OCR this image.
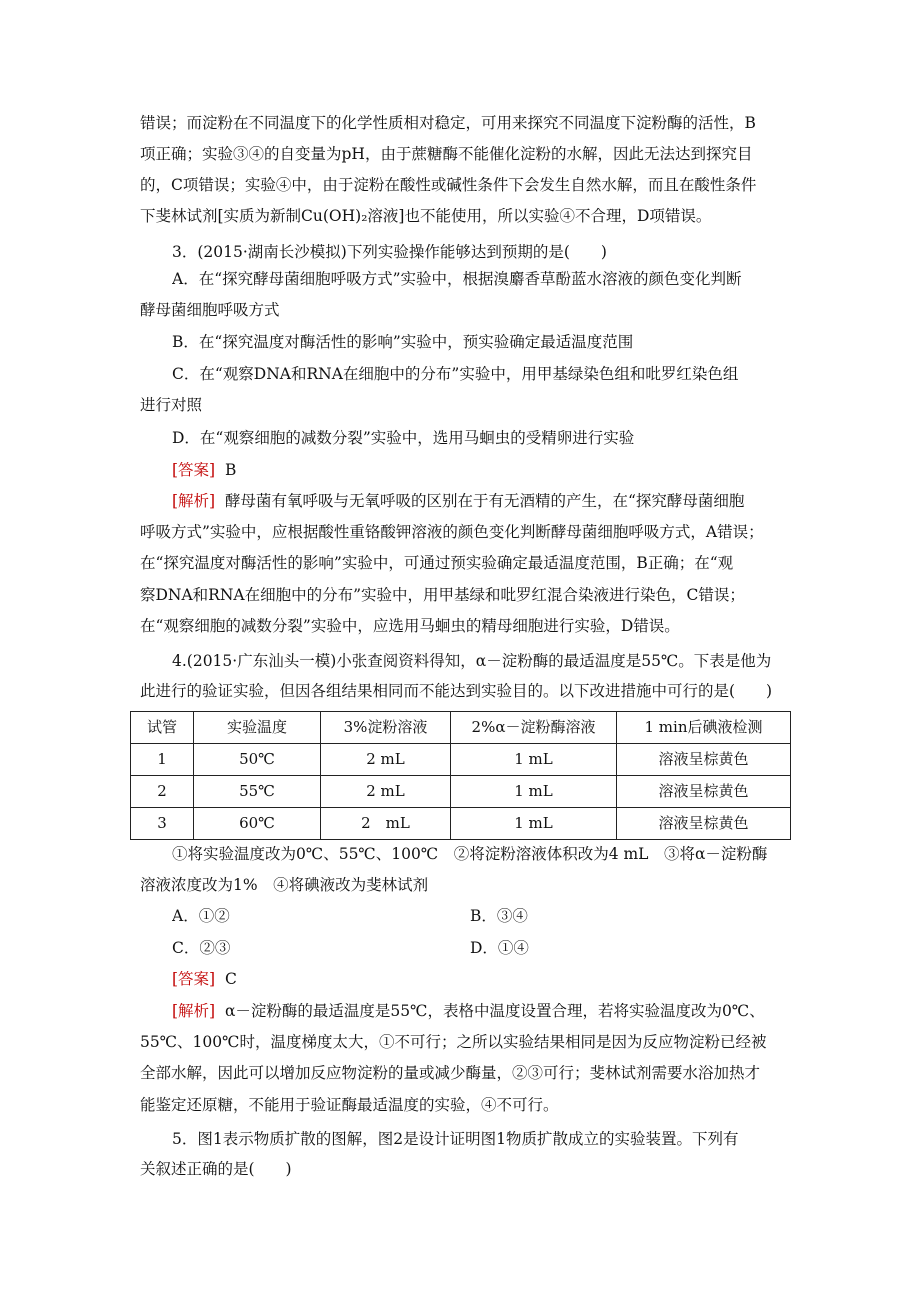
错误；而淀粉在不同温度下的化学性质相对稳定，可用来探究不同温度下淀粉酶的活性，B
项正确；实验③④的自变量为pH，由于蔗糖酶不能催化淀粉的水解，因此无法达到探究目
的，C项错误；实验④中，由于淀粉在酸性或碱性条件下会发生自然水解，而且在酸性条件
下斐林试剂[实质为新制Cu(OH)₂溶液]也不能使用，所以实验④不合理，D项错误。
3．(2015·湖南长沙模拟)下列实验操作能够达到预期的是(　　)
A．在“探究酵母菌细胞呼吸方式”实验中，根据溴麝香草酚蓝水溶液的颜色变化判断
酵母菌细胞呼吸方式
B．在“探究温度对酶活性的影响”实验中，预实验确定最适温度范围
C．在“观察DNA和RNA在细胞中的分布”实验中，用甲基绿染色组和吡罗红染色组
进行对照
D．在“观察细胞的减数分裂”实验中，选用马蛔虫的受精卵进行实验
[答案] B
[解析] 酵母菌有氧呼吸与无氧呼吸的区别在于有无酒精的产生，在“探究酵母菌细胞
呼吸方式”实验中，应根据酸性重铬酸钾溶液的颜色变化判断酵母菌细胞呼吸方式，A错误；
在“探究温度对酶活性的影响”实验中，可通过预实验确定最适温度范围，B正确；在“观
察DNA和RNA在细胞中的分布”实验中，用甲基绿和吡罗红混合染液进行染色，C错误；
在“观察细胞的减数分裂”实验中，应选用马蛔虫的精母细胞进行实验，D错误。
4.(2015·广东汕头一模)小张查阅资料得知，α－淀粉酶的最适温度是55℃。下表是他为
此进行的验证实验，但因各组结果相同而不能达到实验目的。以下改进措施中可行的是(　　)
试管	实验温度	3%淀粉溶液	2%α－淀粉酶溶液	1 min后碘液检测
1	50℃	2 mL	1 mL	溶液呈棕黄色
2	55℃	2 mL	1 mL	溶液呈棕黄色
3	60℃	2　mL	1 mL	溶液呈棕黄色
①将实验温度改为0℃、55℃、100℃　②将淀粉溶液体积改为4 mL　③将α－淀粉酶
溶液浓度改为1%　④将碘液改为斐林试剂
A．①②	B．③④
C．②③	D．①④
[答案] C
[解析] α－淀粉酶的最适温度是55℃，表格中温度设置合理，若将实验温度改为0℃、
55℃、100℃时，温度梯度太大，①不可行；之所以实验结果相同是因为反应物淀粉已经被
全部水解，因此可以增加反应物淀粉的量或减少酶量，②③可行；斐林试剂需要水浴加热才
能鉴定还原糖，不能用于验证酶最适温度的实验，④不可行。
5．图1表示物质扩散的图解，图2是设计证明图1物质扩散成立的实验装置。下列有
关叙述正确的是(　　)
